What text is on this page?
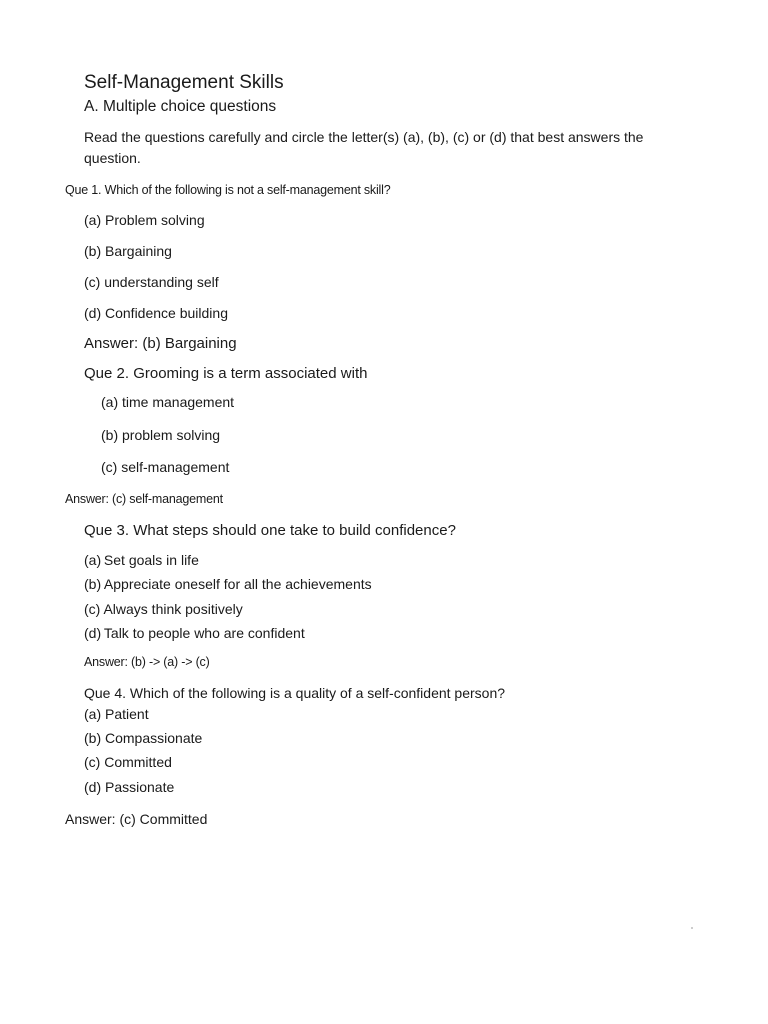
Self-Management Skills
A. Multiple choice questions
Read the questions carefully and circle the letter(s) (a), (b), (c) or (d) that best answers the
question.
Que 1. Which of the following is not a self-management skill?
(a) Problem solving
(b) Bargaining
(c) understanding self
(d) Confidence building
Answer: (b) Bargaining
Que 2. Grooming is a term associated with
(a) time management
(b) problem solving
(c) self-management
Answer: (c) self-management
Que 3. What steps should one take to build confidence?
(a) Set goals in life
(b) Appreciate oneself for all the achievements
(c) Always think positively
(d) Talk to people who are confident
Answer: (b) -> (a) -> (c)
Que 4. Which of the following is a quality of a self-confident person?
(a) Patient
(b) Compassionate
(c) Committed
(d) Passionate
Answer: (c) Committed
